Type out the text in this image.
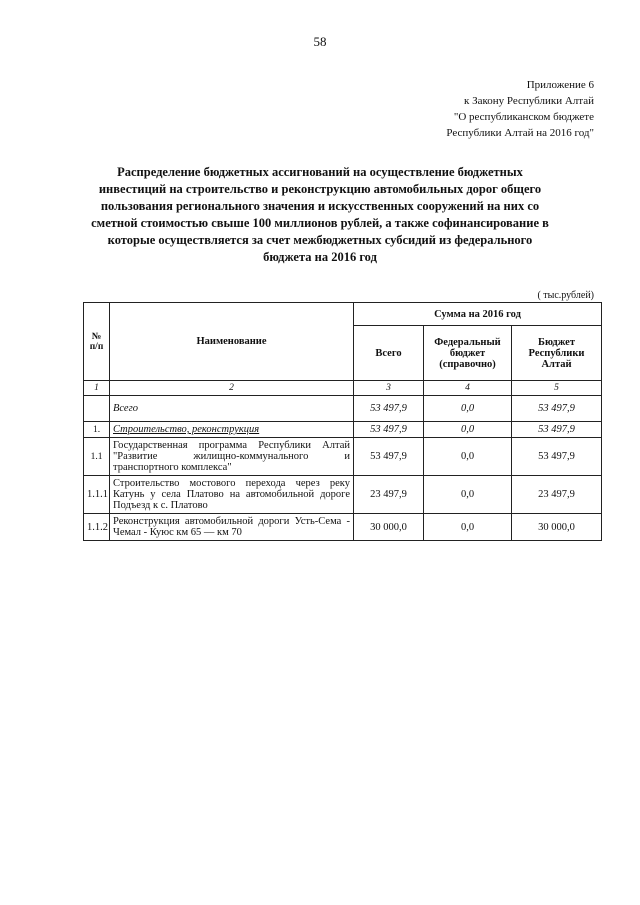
58
Приложение 6
к Закону Республики Алтай
"О республиканском бюджете
Республики Алтай на 2016 год"
Распределение бюджетных ассигнований на осуществление бюджетных
инвестиций на строительство и реконструкцию автомобильных дорог общего
пользования регионального значения и искусственных сооружений на них со
сметной стоимостью свыше 100 миллионов рублей, а также софинансирование в
которые осуществляется за счет межбюджетных субсидий из федерального
бюджета на 2016 год
( тыс.рублей)
№ п/п	Наименование	Сумма на 2016 год		
		Всего	Федеральный бюджет (справочно)	Бюджет Республики Алтай
1	2	3	4	5
	Всего	53 497,9	0,0	53 497,9
1.	Строительство, реконструкция	53 497,9	0,0	53 497,9
1.1	Государственная программа Республики Алтай "Развитие жилищно-коммунального и транспортного комплекса"	53 497,9	0,0	53 497,9
1.1.1	Строительство мостового перехода через реку Катунь у села Платово на автомобильной дороге Подъезд к с. Платово	23 497,9	0,0	23 497,9
1.1.2	Реконструкция автомобильной дороги Усть-Сема - Чемал - Куюс км 65 — км 70	30 000,0	0,0	30 000,0
